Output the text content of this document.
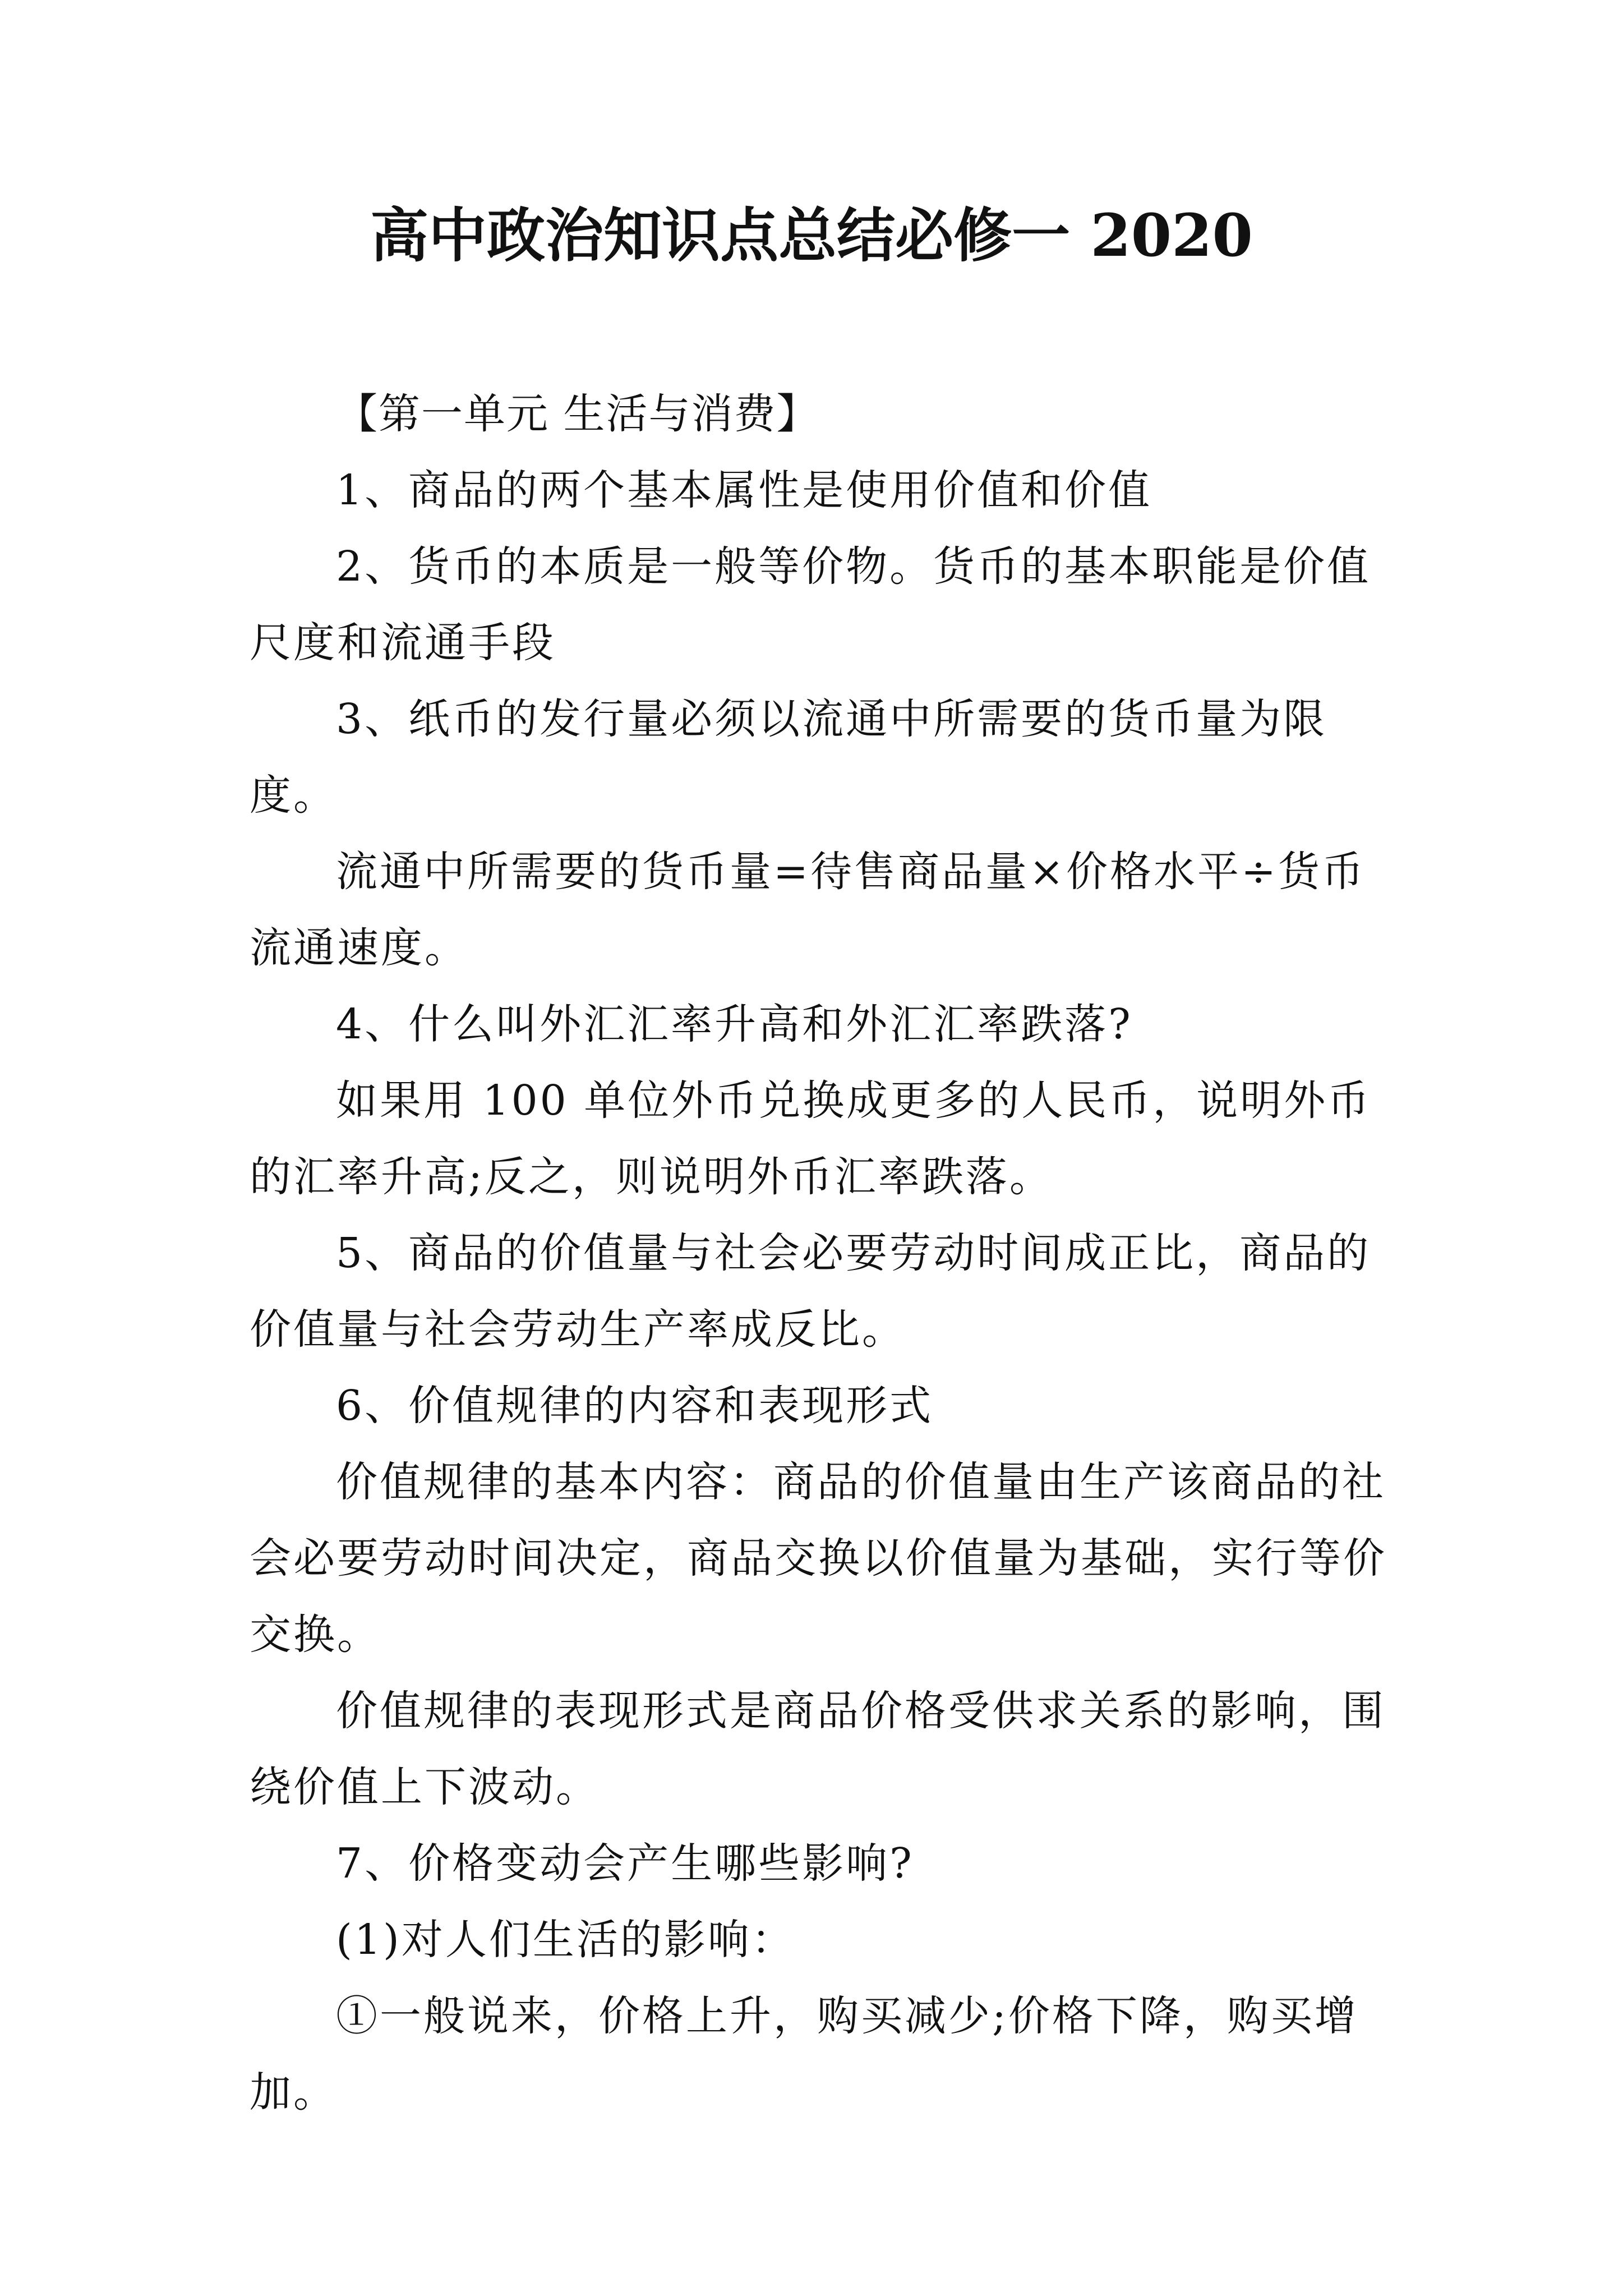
高中政治知识点总结必修一 2020

【第一单元 生活与消费】

1、商品的两个基本属性是使用价值和价值

2、货币的本质是一般等价物。货币的基本职能是价值尺度和流通手段

3、纸币的发行量必须以流通中所需要的货币量为限度。

流通中所需要的货币量=待售商品量×价格水平÷货币流通速度。

4、什么叫外汇汇率升高和外汇汇率跌落?

如果用 100 单位外币兑换成更多的人民币，说明外币的汇率升高;反之，则说明外币汇率跌落。

5、商品的价值量与社会必要劳动时间成正比，商品的价值量与社会劳动生产率成反比。

6、价值规律的内容和表现形式

价值规律的基本内容：商品的价值量由生产该商品的社会必要劳动时间决定，商品交换以价值量为基础，实行等价交换。

价值规律的表现形式是商品价格受供求关系的影响，围绕价值上下波动。

7、价格变动会产生哪些影响?

(1)对人们生活的影响：

①一般说来，价格上升，购买减少;价格下降，购买增加。
